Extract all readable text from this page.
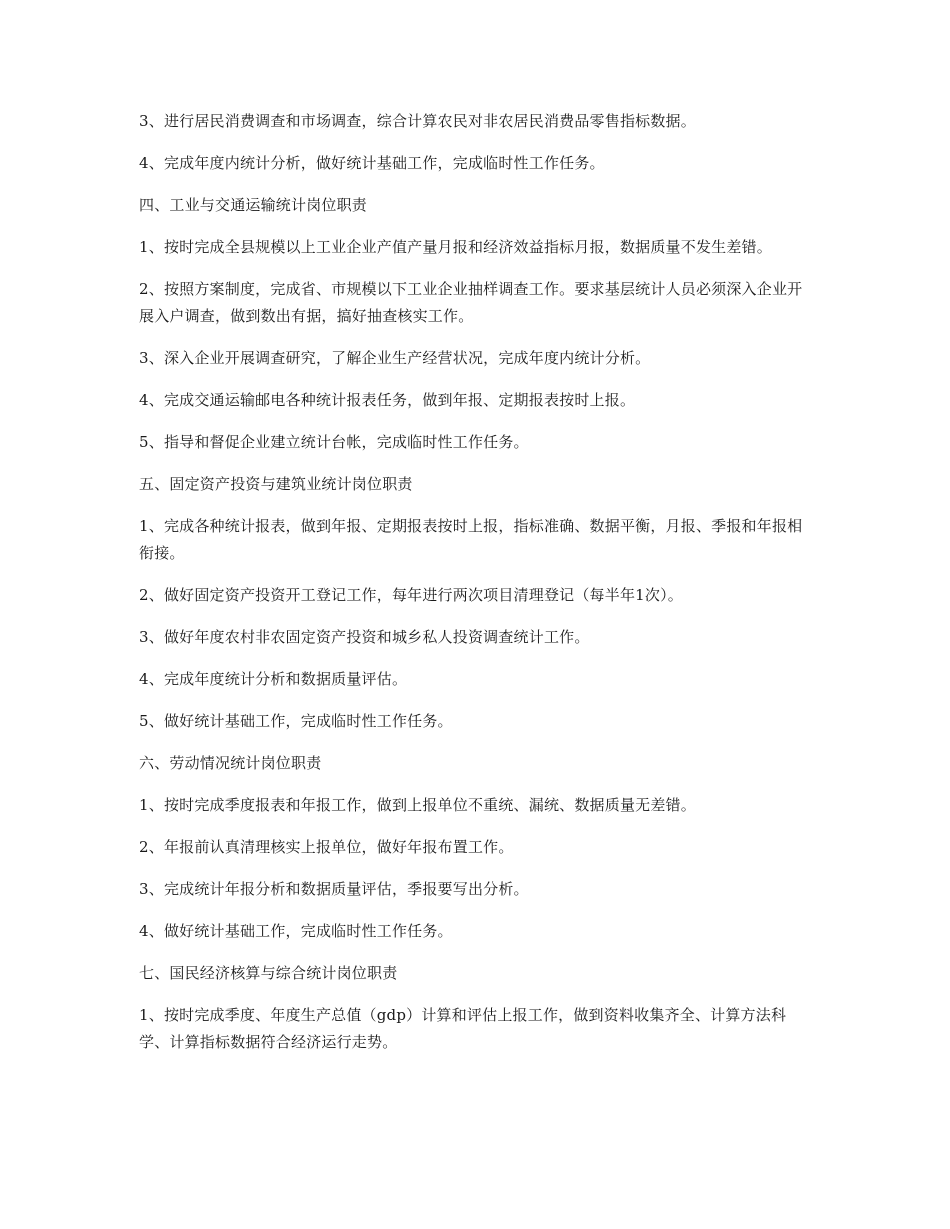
3、进行居民消费调查和市场调查，综合计算农民对非农居民消费品零售指标数据。

4、完成年度内统计分析，做好统计基础工作，完成临时性工作任务。

四、工业与交通运输统计岗位职责

1、按时完成全县规模以上工业企业产值产量月报和经济效益指标月报，数据质量不发生差错。

2、按照方案制度，完成省、市规模以下工业企业抽样调查工作。要求基层统计人员必须深入企业开展入户调查，做到数出有据，搞好抽查核实工作。

3、深入企业开展调查研究，了解企业生产经营状况，完成年度内统计分析。

4、完成交通运输邮电各种统计报表任务，做到年报、定期报表按时上报。

5、指导和督促企业建立统计台帐，完成临时性工作任务。

五、固定资产投资与建筑业统计岗位职责

1、完成各种统计报表，做到年报、定期报表按时上报，指标准确、数据平衡，月报、季报和年报相衔接。

2、做好固定资产投资开工登记工作，每年进行两次项目清理登记（每半年1次）。

3、做好年度农村非农固定资产投资和城乡私人投资调查统计工作。

4、完成年度统计分析和数据质量评估。

5、做好统计基础工作，完成临时性工作任务。

六、劳动情况统计岗位职责

1、按时完成季度报表和年报工作，做到上报单位不重统、漏统、数据质量无差错。

2、年报前认真清理核实上报单位，做好年报布置工作。

3、完成统计年报分析和数据质量评估，季报要写出分析。

4、做好统计基础工作，完成临时性工作任务。

七、国民经济核算与综合统计岗位职责

1、按时完成季度、年度生产总值（gdp）计算和评估上报工作，做到资料收集齐全、计算方法科学、计算指标数据符合经济运行走势。
